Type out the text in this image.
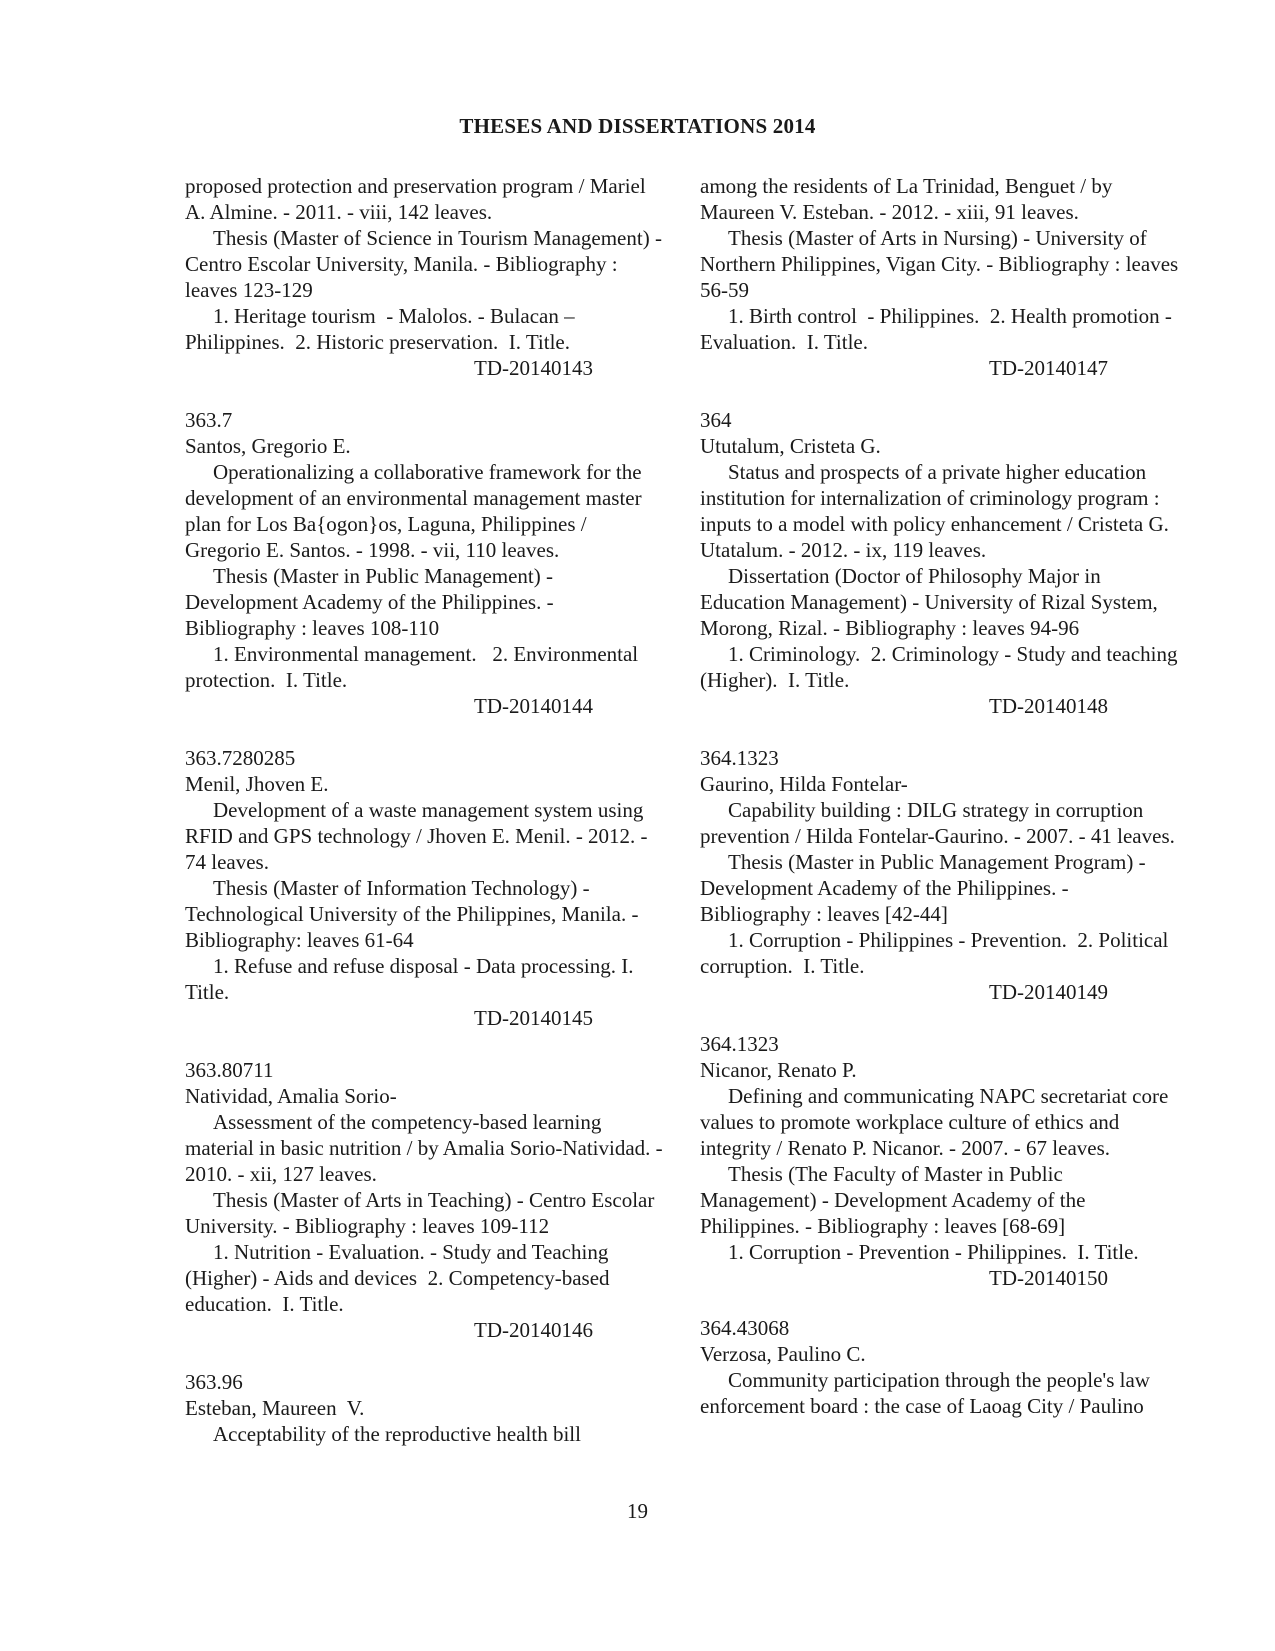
THESES AND DISSERTATIONS 2014
proposed protection and preservation program / Mariel A. Almine. - 2011. - viii, 142 leaves.
Thesis (Master of Science in Tourism Management) - Centro Escolar University, Manila. - Bibliography : leaves 123-129
1. Heritage tourism  - Malolos. - Bulacan – Philippines.  2. Historic preservation.  I. Title.
TD-20140143
363.7
Santos, Gregorio E.
Operationalizing a collaborative framework for the development of an environmental management master plan for Los Ba{ogon}os, Laguna, Philippines / Gregorio E. Santos. - 1998. - vii, 110 leaves.
Thesis (Master in Public Management) - Development Academy of the Philippines. - Bibliography : leaves 108-110
1. Environmental management.   2. Environmental protection.  I. Title.
TD-20140144
363.7280285
Menil, Jhoven E.
Development of a waste management system using RFID and GPS technology / Jhoven E. Menil. - 2012. - 74 leaves.
Thesis (Master of Information Technology) - Technological University of the Philippines, Manila. - Bibliography: leaves 61-64
1. Refuse and refuse disposal - Data processing. I. Title.
TD-20140145
363.80711
Natividad, Amalia Sorio-
Assessment of the competency-based learning material in basic nutrition / by Amalia Sorio-Natividad. - 2010. - xii, 127 leaves.
Thesis (Master of Arts in Teaching) - Centro Escolar University. - Bibliography : leaves 109-112
1. Nutrition - Evaluation. - Study and Teaching (Higher) - Aids and devices  2. Competency-based education.  I. Title.
TD-20140146
363.96
Esteban, Maureen  V.
Acceptability of the reproductive health bill
among the residents of La Trinidad, Benguet / by Maureen V. Esteban. - 2012. - xiii, 91 leaves.
Thesis (Master of Arts in Nursing) - University of Northern Philippines, Vigan City. - Bibliography : leaves 56-59
1. Birth control  - Philippines.  2. Health promotion - Evaluation.  I. Title.
TD-20140147
364
Ututalum, Cristeta G.
Status and prospects of a private higher education institution for internalization of criminology program : inputs to a model with policy enhancement / Cristeta G. Utatalum. - 2012. - ix, 119 leaves.
Dissertation (Doctor of Philosophy Major in Education Management) - University of Rizal System, Morong, Rizal. - Bibliography : leaves 94-96
1. Criminology.  2. Criminology - Study and teaching (Higher).  I. Title.
TD-20140148
364.1323
Gaurino, Hilda Fontelar-
Capability building : DILG strategy in corruption prevention / Hilda Fontelar-Gaurino. - 2007. - 41 leaves.
Thesis (Master in Public Management Program) - Development Academy of the Philippines. - Bibliography : leaves [42-44]
1. Corruption - Philippines - Prevention.  2. Political corruption.  I. Title.
TD-20140149
364.1323
Nicanor, Renato P.
Defining and communicating NAPC secretariat core values to promote workplace culture of ethics and integrity / Renato P. Nicanor. - 2007. - 67 leaves.
Thesis (The Faculty of Master in Public Management) - Development Academy of the Philippines. - Bibliography : leaves [68-69]
1. Corruption - Prevention - Philippines.  I. Title.
TD-20140150
364.43068
Verzosa, Paulino C.
Community participation through the people's law enforcement board : the case of Laoag City / Paulino
19
